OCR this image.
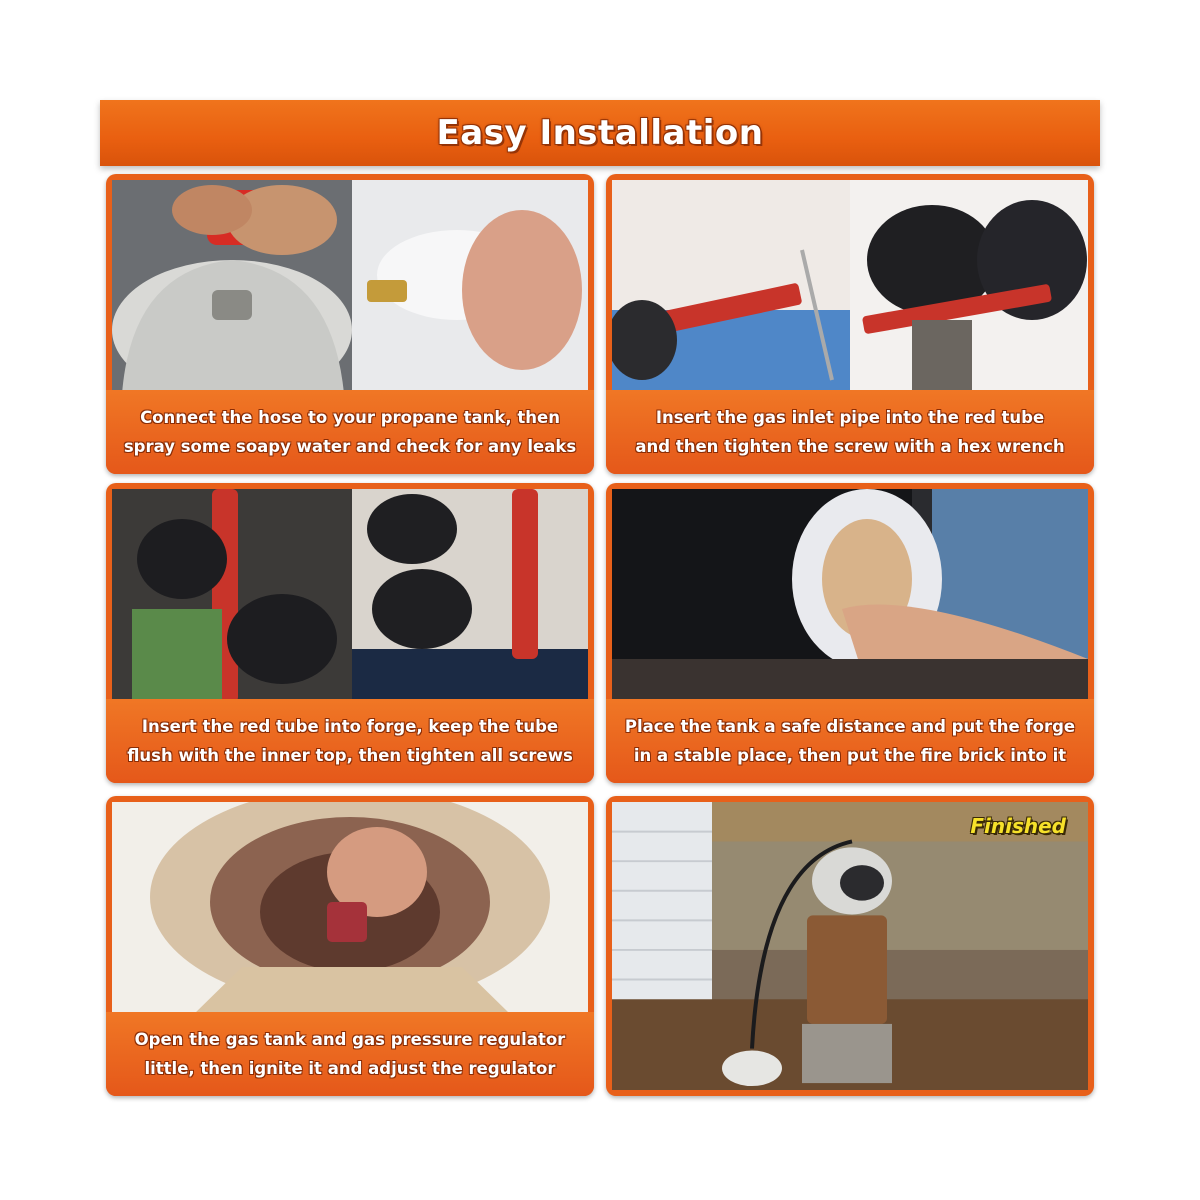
Easy Installation
Connect the hose to your propane tank, then
spray some soapy water and check for any leaks
Insert the gas inlet pipe into the red tube
and then tighten the screw with a hex wrench
Insert the red tube into forge, keep the tube
flush with the inner top, then tighten all screws
Place the tank a safe distance and put the forge
in a stable place, then put the fire brick into it
Open the gas tank and gas pressure regulator
little, then ignite it and adjust the regulator
Finished
